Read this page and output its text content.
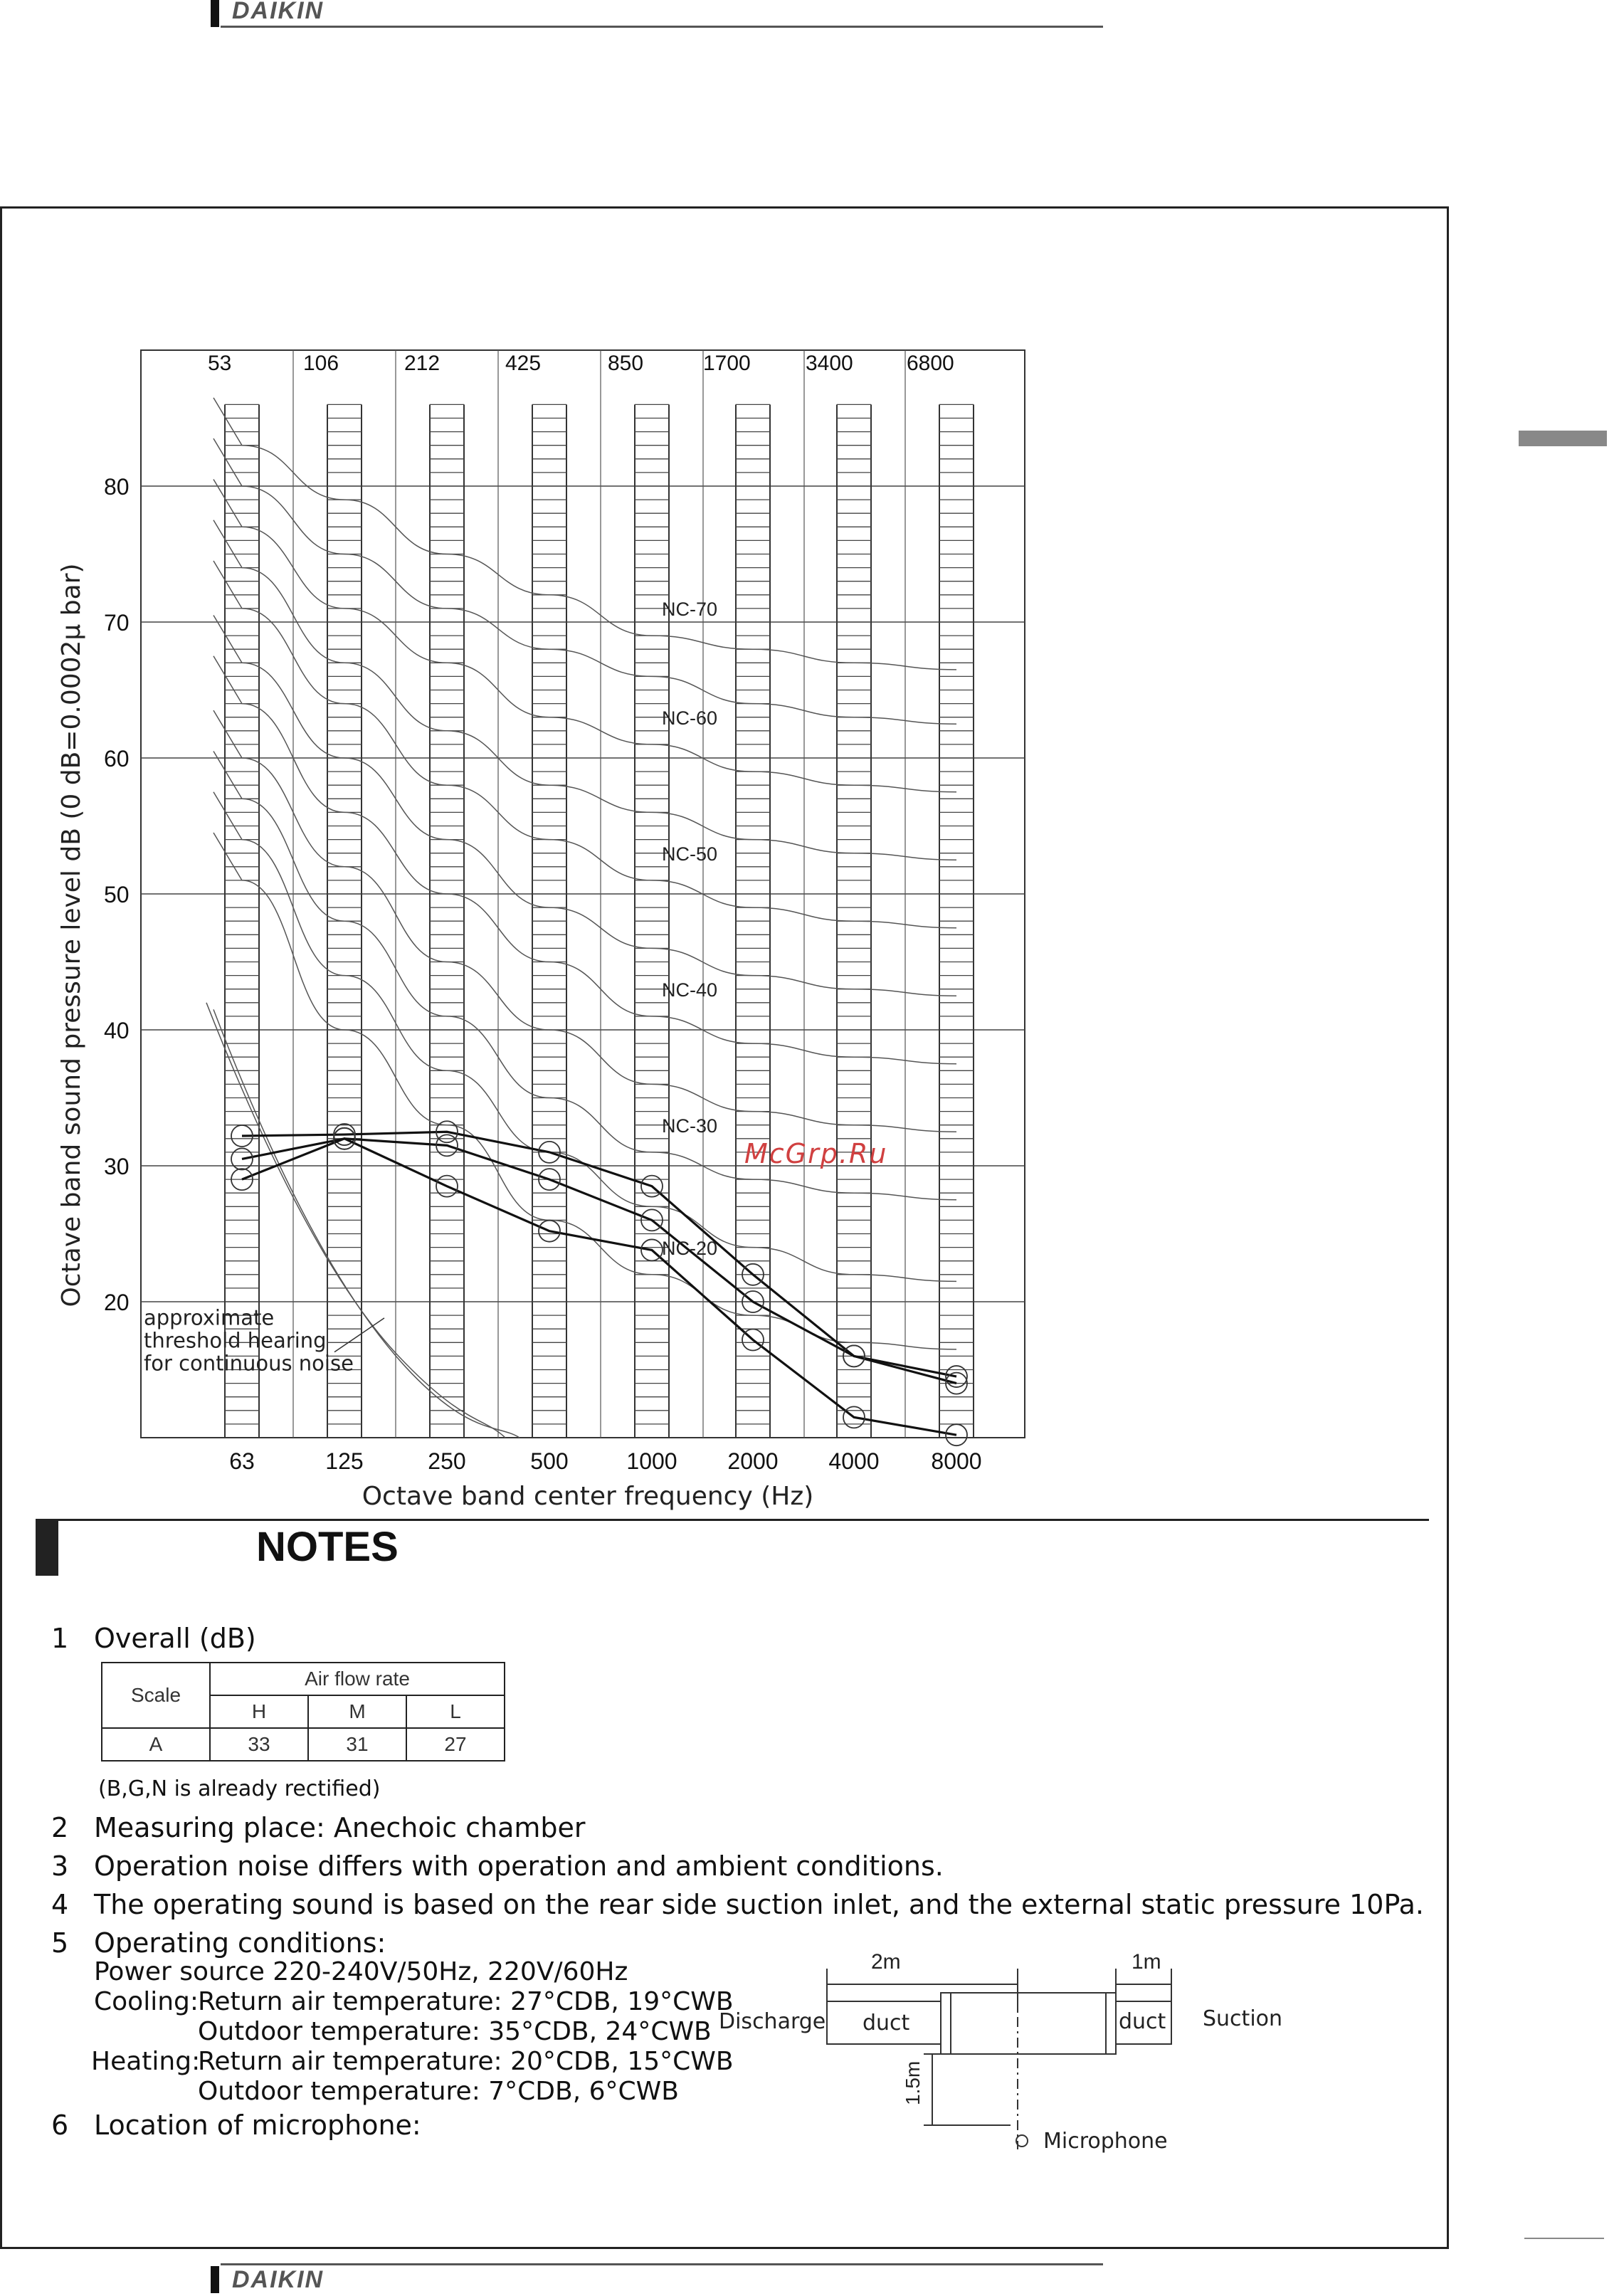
DAIKIN
NC-70
NC-60
NC-50
NC-40
NC-30
NC-20
approximate
threshold hearing
for continuous noise
80
70
60
50
40
30
20
63	125	250	500	1000 2000 4000 8000
53	106	212	425	850	1700	3400	6800
Octave band center frequency (Hz)
Octave band sound pressure level dB (0 dB=0.0002μ bar)	McGrp.Ru
NOTES
1 Overall (dB)
Scale	Air flow rate		
	H	M	L
A	33	31	27
(B,G,N is already rectified)
2 Measuring place: Anechoic chamber
3 Operation noise differs with operation and ambient conditions.
4 The operating sound is based on the rear side suction inlet, and the external static pressure 10Pa.
5 Operating conditions:
Power source 220-240V/50Hz, 220V/60Hz
Cooling: Return air temperature: 27°CDB, 19°CWB
Outdoor temperature: 35°CDB, 24°CWB
Heating:
Return air temperature: 20°CDB, 15°CWB
Outdoor temperature: 7°CDB, 6°CWB
6 Location of microphone:
Discharge	Suction
duct	duct
2m	1m
1.5m
Microphone
DAIKIN
